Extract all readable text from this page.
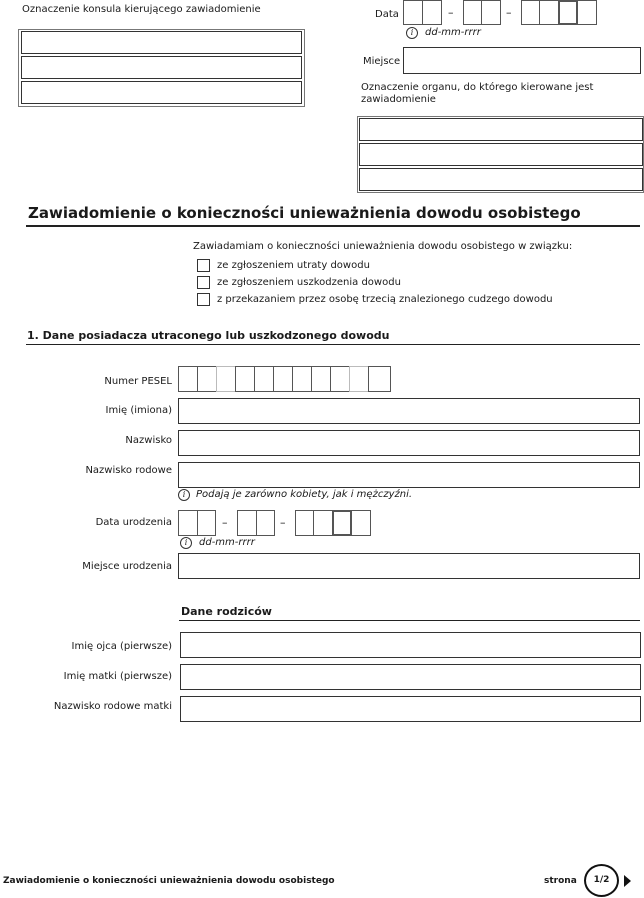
Oznaczenie konsula kierującego zawiadomienie	Data	–	–
i	dd-mm-rrrr
Miejsce
Oznaczenie organu, do którego kierowane jest zawiadomienie
Zawiadomienie o konieczności unieważnienia dowodu osobistego
Zawiadamiam o konieczności unieważnienia dowodu osobistego w związku:
ze zgłoszeniem utraty dowodu
ze zgłoszeniem uszkodzenia dowodu
z przekazaniem przez osobę trzecią znalezionego cudzego dowodu
1. Dane posiadacza utraconego lub uszkodzonego dowodu
Numer PESEL
Imię (imiona)
Nazwisko
Nazwisko rodowe
i	Podają je zarówno kobiety, jak i mężczyźni.
Data urodzenia	–	–
i	dd-mm-rrrr
Miejsce urodzenia
Dane rodziców
Imię ojca (pierwsze)
Imię matki (pierwsze)
Nazwisko rodowe matki
Zawiadomienie o konieczności unieważnienia dowodu osobistego	strona	1/2
